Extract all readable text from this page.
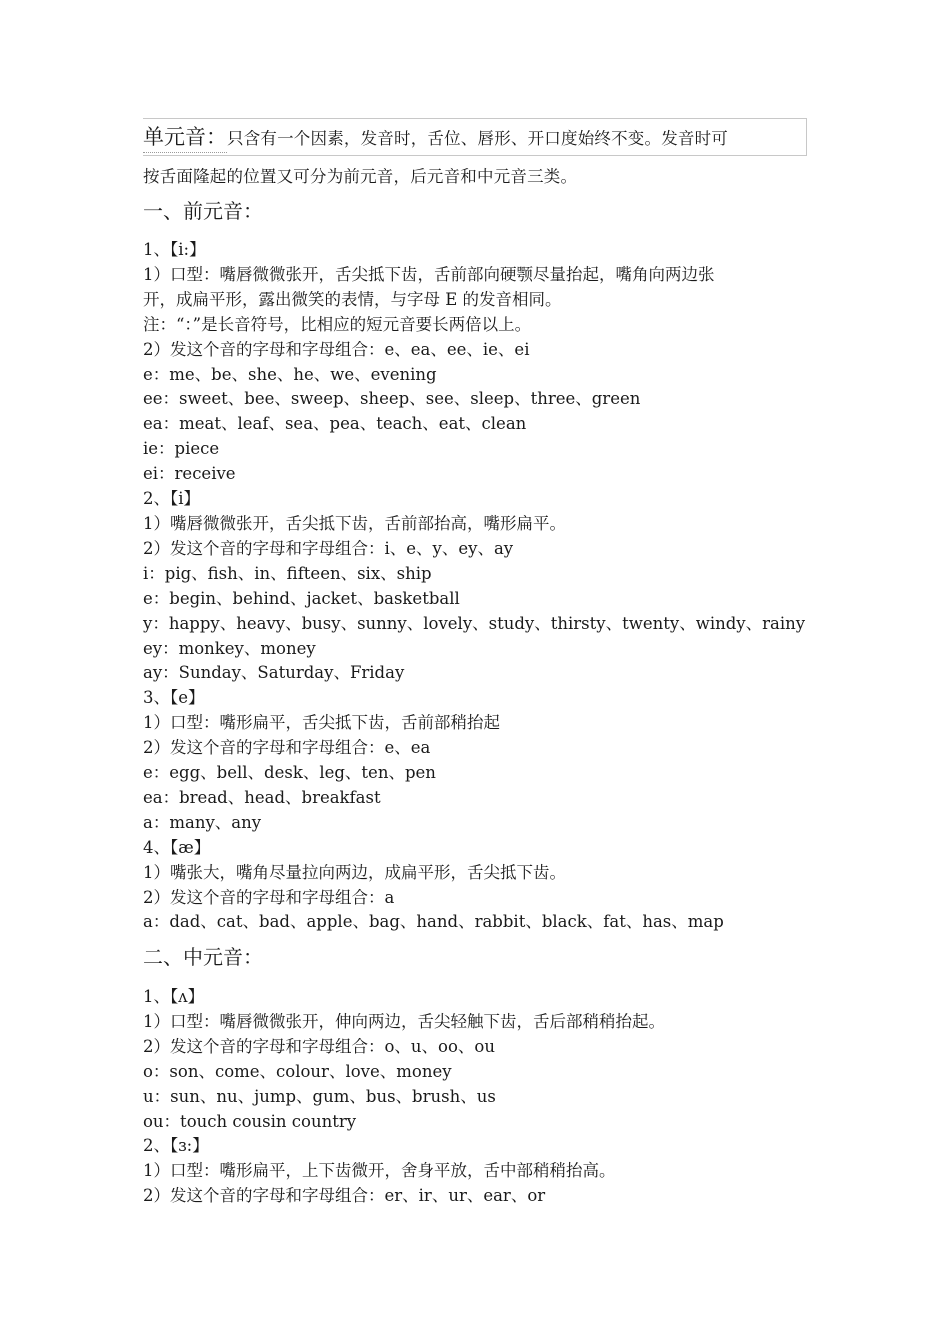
单元音：只含有一个因素，发音时，舌位、唇形、开口度始终不变。发音时可
按舌面隆起的位置又可分为前元音，后元音和中元音三类。
一、前元音：
1、【i:】
1）口型：嘴唇微微张开，舌尖抵下齿，舌前部向硬颚尽量抬起，嘴角向两边张
开，成扁平形，露出微笑的表情，与字母 E 的发音相同。
注：“：”是长音符号，比相应的短元音要长两倍以上。
2）发这个音的字母和字母组合：e、ea、ee、ie、ei
e：me、be、she、he、we、evening
ee：sweet、bee、sweep、sheep、see、sleep、three、green
ea：meat、leaf、sea、pea、teach、eat、clean
ie：piece
ei：receive
2、【i】
1）嘴唇微微张开，舌尖抵下齿，舌前部抬高，嘴形扁平。
2）发这个音的字母和字母组合：i、e、y、ey、ay
i：pig、fish、in、fifteen、six、ship
e：begin、behind、jacket、basketball
y：happy、heavy、busy、sunny、lovely、study、thirsty、twenty、windy、rainy
ey：monkey、money
ay：Sunday、Saturday、Friday
3、【e】
1）口型：嘴形扁平，舌尖抵下齿，舌前部稍抬起
2）发这个音的字母和字母组合：e、ea
e：egg、bell、desk、leg、ten、pen
ea：bread、head、breakfast
a：many、any
4、【æ】
1）嘴张大，嘴角尽量拉向两边，成扁平形，舌尖抵下齿。
2）发这个音的字母和字母组合：a
a：dad、cat、bad、apple、bag、hand、rabbit、black、fat、has、map
二、中元音：
1、【ʌ】
1）口型：嘴唇微微张开，伸向两边，舌尖轻触下齿，舌后部稍稍抬起。
2）发这个音的字母和字母组合：o、u、oo、ou
o：son、come、colour、love、money
u：sun、nu、jump、gum、bus、brush、us
ou：touch cousin country
2、【ɜ:】
1）口型：嘴形扁平，上下齿微开，舍身平放，舌中部稍稍抬高。
2）发这个音的字母和字母组合：er、ir、ur、ear、or
